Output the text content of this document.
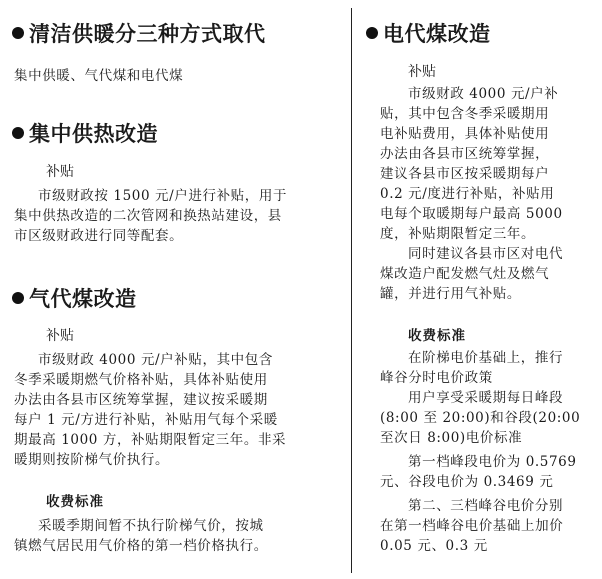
清洁供暖分三种方式取代
集中供暖、气代煤和电代煤
集中供热改造
补贴
市级财政按 1500 元/户进行补贴，用于
集中供热改造的二次管网和换热站建设，县
市区级财政进行同等配套。
气代煤改造
补贴
市级财政 4000 元/户补贴，其中包含
冬季采暖期燃气价格补贴，具体补贴使用
办法由各县市区统筹掌握，建议按采暖期
每户 1 元/方进行补贴，补贴用气每个采暖
期最高 1000 方，补贴期限暂定三年。非采
暖期则按阶梯气价执行。
收费标准
采暖季期间暂不执行阶梯气价，按城
镇燃气居民用气价格的第一档价格执行。
电代煤改造
补贴
市级财政 4000 元/户补
贴，其中包含冬季采暖期用
电补贴费用，具体补贴使用
办法由各县市区统筹掌握，
建议各县市区按采暖期每户
0.2 元/度进行补贴，补贴用
电每个取暖期每户最高 5000
度，补贴期限暂定三年。
同时建议各县市区对电代
煤改造户配发燃气灶及燃气
罐，并进行用气补贴。
收费标准
在阶梯电价基础上，推行
峰谷分时电价政策
用户享受采暖期每日峰段
(8:00 至 20:00)和谷段(20:00
至次日 8:00)电价标准
第一档峰段电价为 0.5769
元、谷段电价为 0.3469 元
第二、三档峰谷电价分别
在第一档峰谷电价基础上加价
0.05 元、0.3 元
